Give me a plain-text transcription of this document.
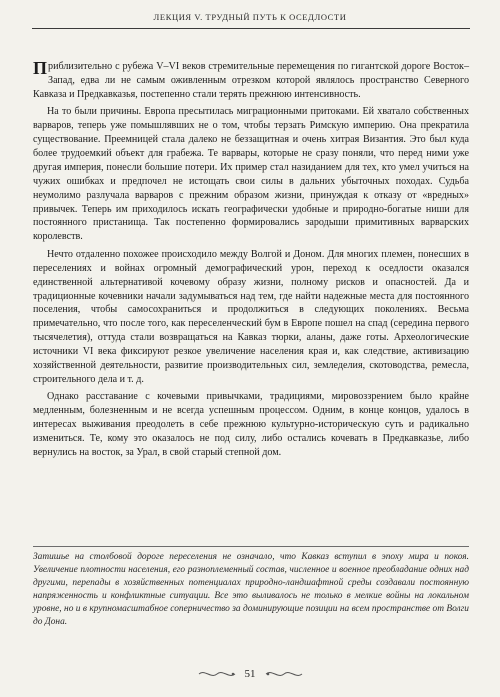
ЛЕКЦИЯ V. ТРУДНЫЙ ПУТЬ К ОСЕДЛОСТИ

Приблизительно с рубежа V–VI веков стремительные перемещения по гигантской дороге Восток–Запад, едва ли не самым оживленным отрезком которой являлось пространство Северного Кавказа и Предкавказья, постепенно стали терять прежнюю интенсивность.

На то были причины. Европа пресытилась миграционными притоками. Ей хватало собственных варваров, теперь уже помышлявших не о том, чтобы терзать Римскую империю. Она прекратила существование. Преемницей стала далеко не беззащитная и очень хитрая Византия. Это был куда более трудоемкий объект для грабежа. Те варвары, которые не сразу поняли, что перед ними уже другая империя, понесли большие потери. Их пример стал назиданием для тех, кто умел учиться на чужих ошибках и предпочел не истощать свои силы в дальних убыточных походах. Судьба неумолимо разлучала варваров с прежним образом жизни, принуждая к отказу от «вредных» привычек. Теперь им приходилось искать географически удобные и природно-богатые ниши для постоянного пристанища. Так постепенно формировались зародыши примитивных варварских королевств.

Нечто отдаленно похожее происходило между Волгой и Доном. Для многих племен, понесших в переселениях и войнах огромный демографический урон, переход к оседлости оказался единственной альтернативой кочевому образу жизни, полному рисков и опасностей. Да и традиционные кочевники начали задумываться над тем, где найти надежные места для постоянного поселения, чтобы самосохраниться и продолжиться в следующих поколениях. Весьма примечательно, что после того, как переселенческий бум в Европе пошел на спад (середина первого тысячелетия), оттуда стали возвращаться на Кавказ тюрки, аланы, даже готы. Археологические источники VI века фиксируют резкое увеличение населения края и, как следствие, активизацию хозяйственной деятельности, развитие производительных сил, земледелия, скотоводства, ремесла, строительного дела и т. д.

Однако расставание с кочевыми привычками, традициями, мировоззрением было крайне медленным, болезненным и не всегда успешным процессом. Одним, в конце концов, удалось в интересах выживания преодолеть в себе прежнюю культурно-историческую суть и радикально измениться. Те, кому это оказалось не под силу, либо остались кочевать в Предкавказье, либо вернулись на восток, за Урал, в свой старый степной дом.

Затишье на столбовой дороге переселения не означало, что Кавказ вступил в эпоху мира и покоя. Увеличение плотности населения, его разноплеменный состав, численное и военное преобладание одних над другими, перепады в хозяйственных потенциалах природно-ландшафтной среды создавали постоянную напряженность и конфликтные ситуации. Все это выливалось не только в мелкие войны на локальном уровне, но и в крупномасштабное соперничество за доминирующие позиции на всем пространстве от Волги до Дона.

51
